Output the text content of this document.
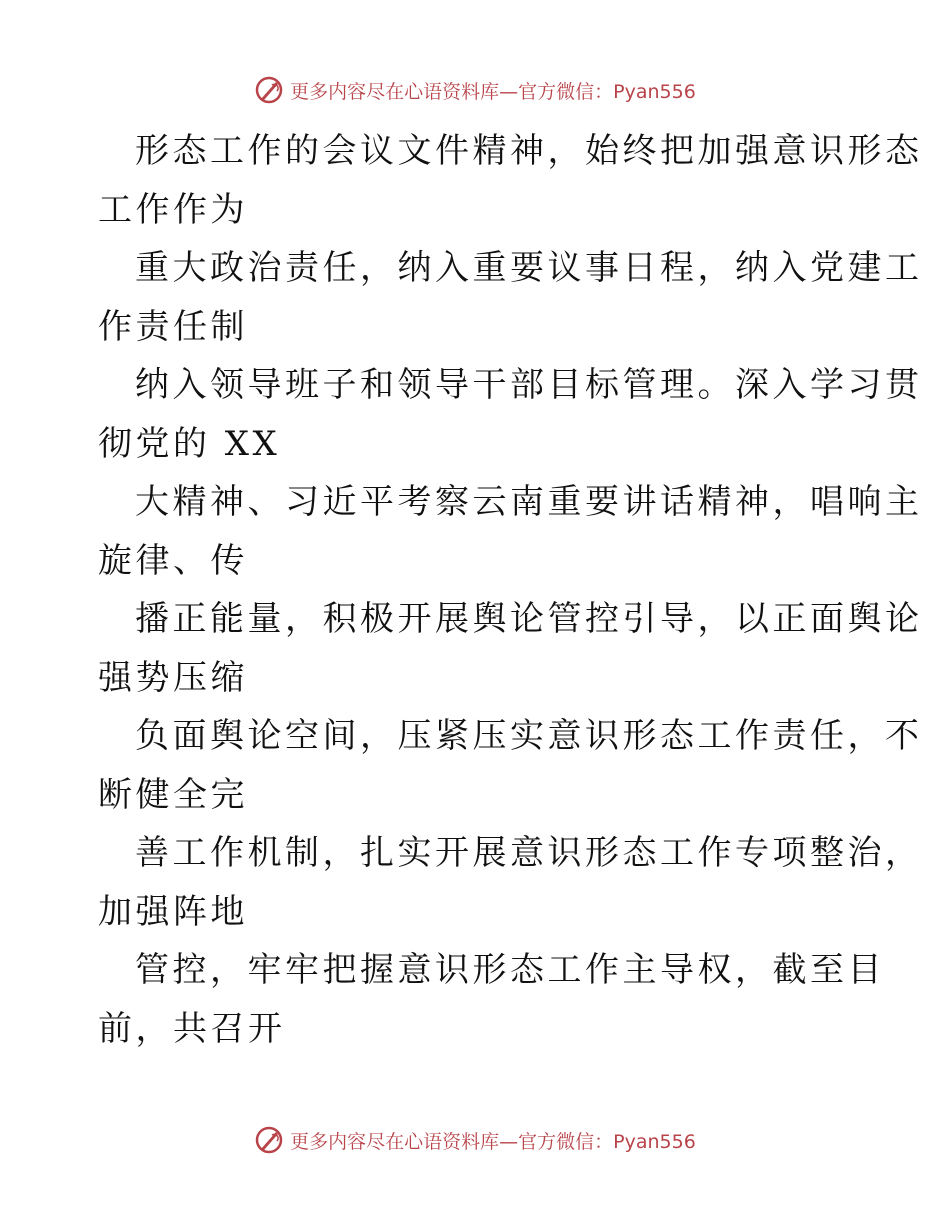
更多内容尽在心语资料库—官方微信：Pyan556
形态工作的会议文件精神，始终把加强意识形态
工作作为
重大政治责任，纳入重要议事日程，纳入党建工
作责任制
纳入领导班子和领导干部目标管理。深入学习贯
彻党的 XX
大精神、习近平考察云南重要讲话精神，唱响主
旋律、传
播正能量，积极开展舆论管控引导，以正面舆论
强势压缩
负面舆论空间，压紧压实意识形态工作责任，不
断健全完
善工作机制，扎实开展意识形态工作专项整治，
加强阵地
管控，牢牢把握意识形态工作主导权，截至目
前，共召开
更多内容尽在心语资料库—官方微信：Pyan556
